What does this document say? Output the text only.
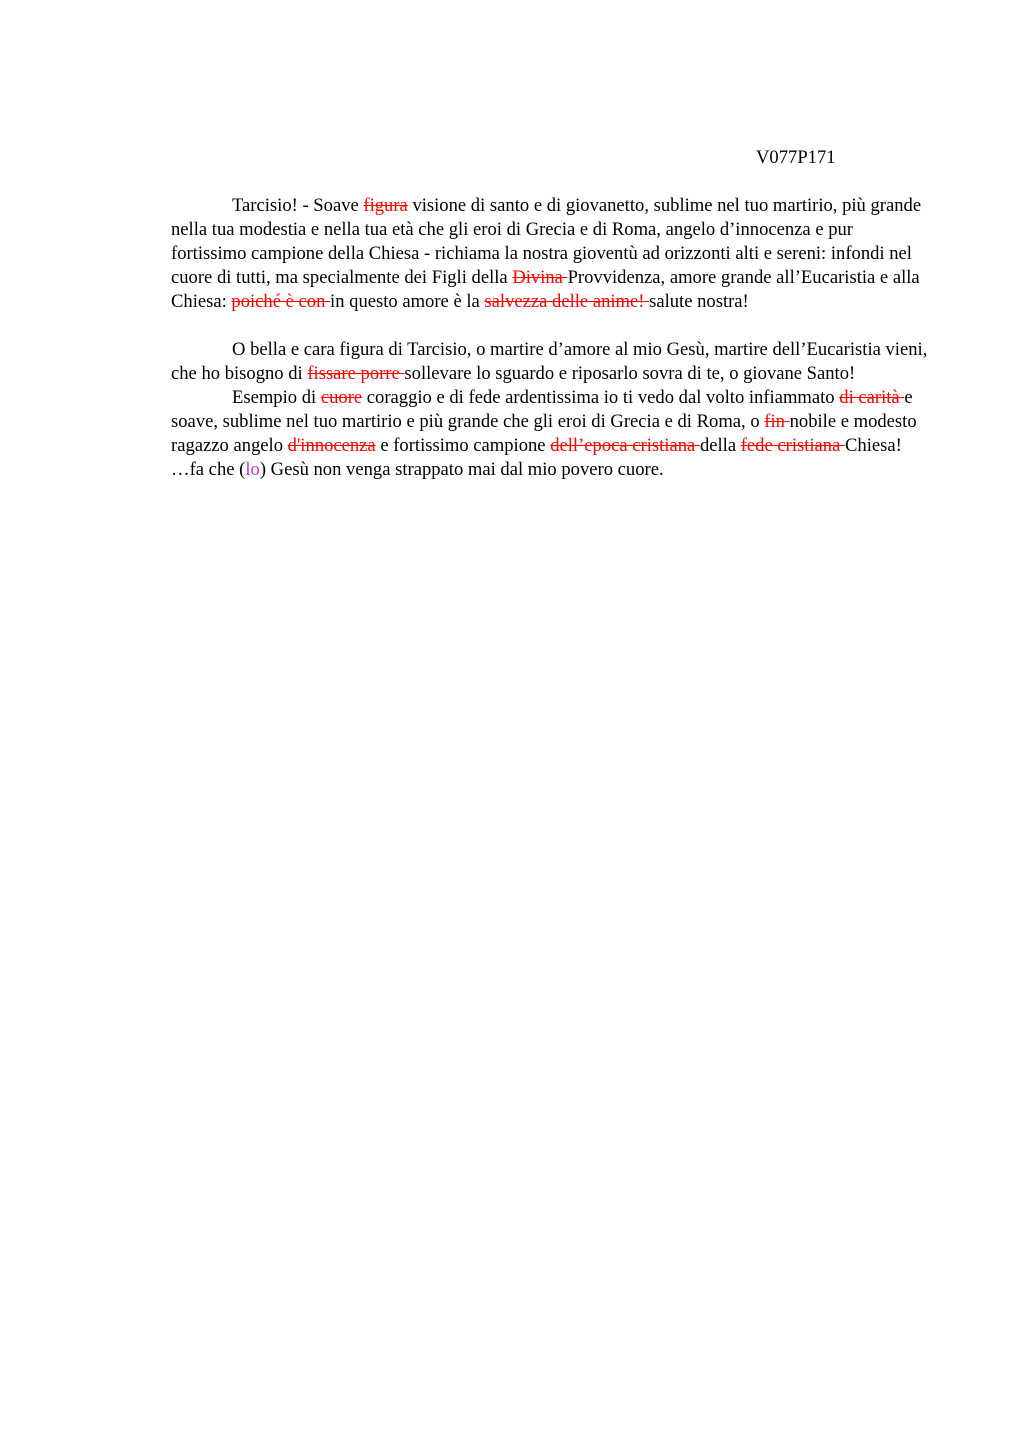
V077P171

Tarcisio! - Soave figura visione di santo e di giovanetto, sublime nel tuo martirio, più grande nella tua modestia e nella tua età che gli eroi di Grecia e di Roma, angelo d’innocenza e pur fortissimo campione della Chiesa - richiama la nostra gioventù ad orizzonti alti e sereni: infondi nel cuore di tutti, ma specialmente dei Figli della Divina Provvidenza, amore grande all’Eucaristia e alla Chiesa: poiché è con in questo amore è la salvezza delle anime! salute nostra!

O bella e cara figura di Tarcisio, o martire d’amore al mio Gesù, martire dell’Eucaristia vieni, che ho bisogno di fissare porre sollevare lo sguardo e riposarlo sovra di te, o giovane Santo!

Esempio di cuore coraggio e di fede ardentissima io ti vedo dal volto infiammato di carità e soave, sublime nel tuo martirio e più grande che gli eroi di Grecia e di Roma, o fin nobile e modesto ragazzo angelo d'innocenza e fortissimo campione dell’epoca cristiana della fede cristiana Chiesa!

…fa che (lo) Gesù non venga strappato mai dal mio povero cuore.
